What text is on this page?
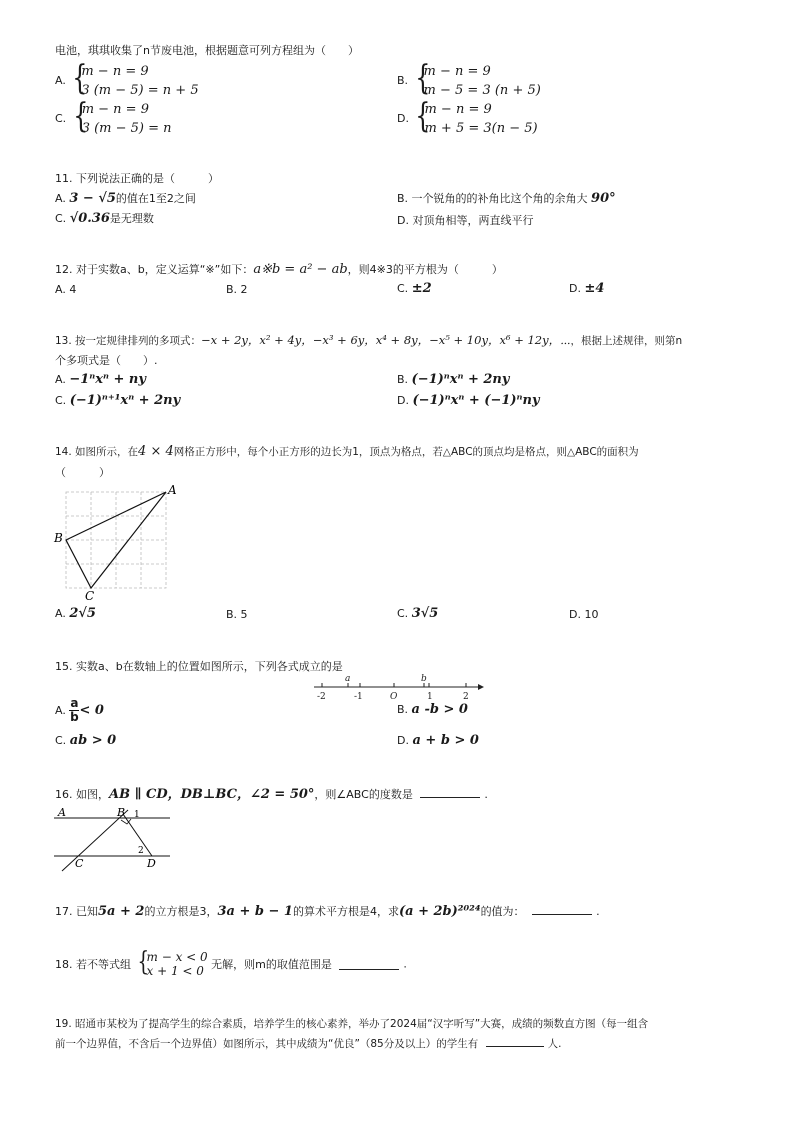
电池，琪琪收集了n节废电池，根据题意可列方程组为（　　）
A. {
m − n = 9
3 (m − 5) = n + 5
B. {
m − n = 9
m − 5 = 3 (n + 5)
C. {
m − n = 9
3 (m − 5) = n
D. {
m − n = 9
m + 5 = 3(n − 5)
11. 下列说法正确的是（　　　）
A. 3 − √5的值在1至2之间	B. 一个锐角的的补角比这个角的余角大 90°
C. √0.36是无理数	D. 对顶角相等，两直线平行
12. 对于实数a、b，定义运算“※”如下：a※b = a² − ab，则4※3的平方根为（　　　）
A. 4	B. 2	C. ±2	D. ±4
13. 按一定规律排列的多项式：−x + 2y，x² + 4y，−x³ + 6y，x⁴ + 8y，−x⁵ + 10y，x⁶ + 12y，⋯，根据上述规律，则第n
个多项式是（　　）.
A. −1ⁿxⁿ + ny	B. (−1)ⁿxⁿ + 2ny
C. (−1)ⁿ⁺¹xⁿ + 2ny	D. (−1)ⁿxⁿ + (−1)ⁿny
14. 如图所示，在4 × 4网格正方形中，每个小正方形的边长为1，顶点为格点，若△ABC的顶点均是格点，则△ABC的面积为
（　　　）
A
B
C
A. 2√5	B. 5	C. 3√5	D. 10
15. 实数a、b在数轴上的位置如图所示，下列各式成立的是
-2	-1	O	1	2
a	b
A. $\frac{a}{b} < 0$	B. a -b > 0
C. ab > 0	D. a + b > 0
16. 如图，AB ∥ CD，DB⊥BC，∠2 = 50°，则∠ABC的度数是	.
A	B 1
2
C	D
17. 已知5a + 2的立方根是3，3a + b − 1的算术平方根是4，求(a + 2b)²⁰²⁴的值为：	.
18. 若不等式组 {
m − x < 0
x + 1 < 0 无解，则m的取值范围是	.
19. 昭通市某校为了提高学生的综合素质，培养学生的核心素养，举办了2024届“汉字听写”大赛，成绩的频数直方图（每一组含
前一个边界值，不含后一个边界值）如图所示，其中成绩为“优良”（85分及以上）的学生有	人.
